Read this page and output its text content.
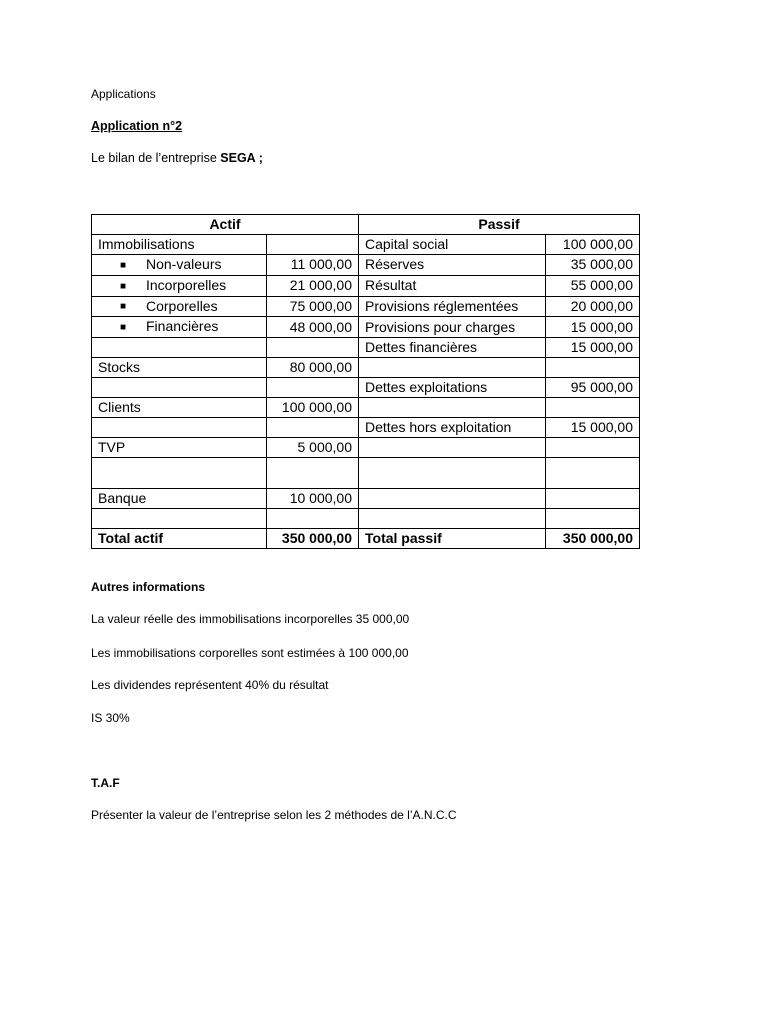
Applications
Application n°2
Le bilan de l’entreprise SEGA ;
Actif		Passif	
Immobilisations		Capital social	100 000,00
■ Non-valeurs	11 000,00	Réserves	35 000,00
■ Incorporelles	21 000,00	Résultat	55 000,00
■ Corporelles	75 000,00	Provisions réglementées	20 000,00
■ Financières	48 000,00	Provisions pour charges	15 000,00
		Dettes financières	15 000,00
Stocks	80 000,00		
		Dettes exploitations	95 000,00
Clients	100 000,00		
		Dettes hors exploitation	15 000,00
TVP	5 000,00		

Banque	10 000,00		

Total actif	350 000,00	Total passif	350 000,00
Autres informations
La valeur réelle des immobilisations incorporelles 35 000,00
Les immobilisations corporelles sont estimées à 100 000,00
Les dividendes représentent 40% du résultat
IS 30%
T.A.F
Présenter la valeur de l’entreprise selon les 2 méthodes de l’A.N.C.C
